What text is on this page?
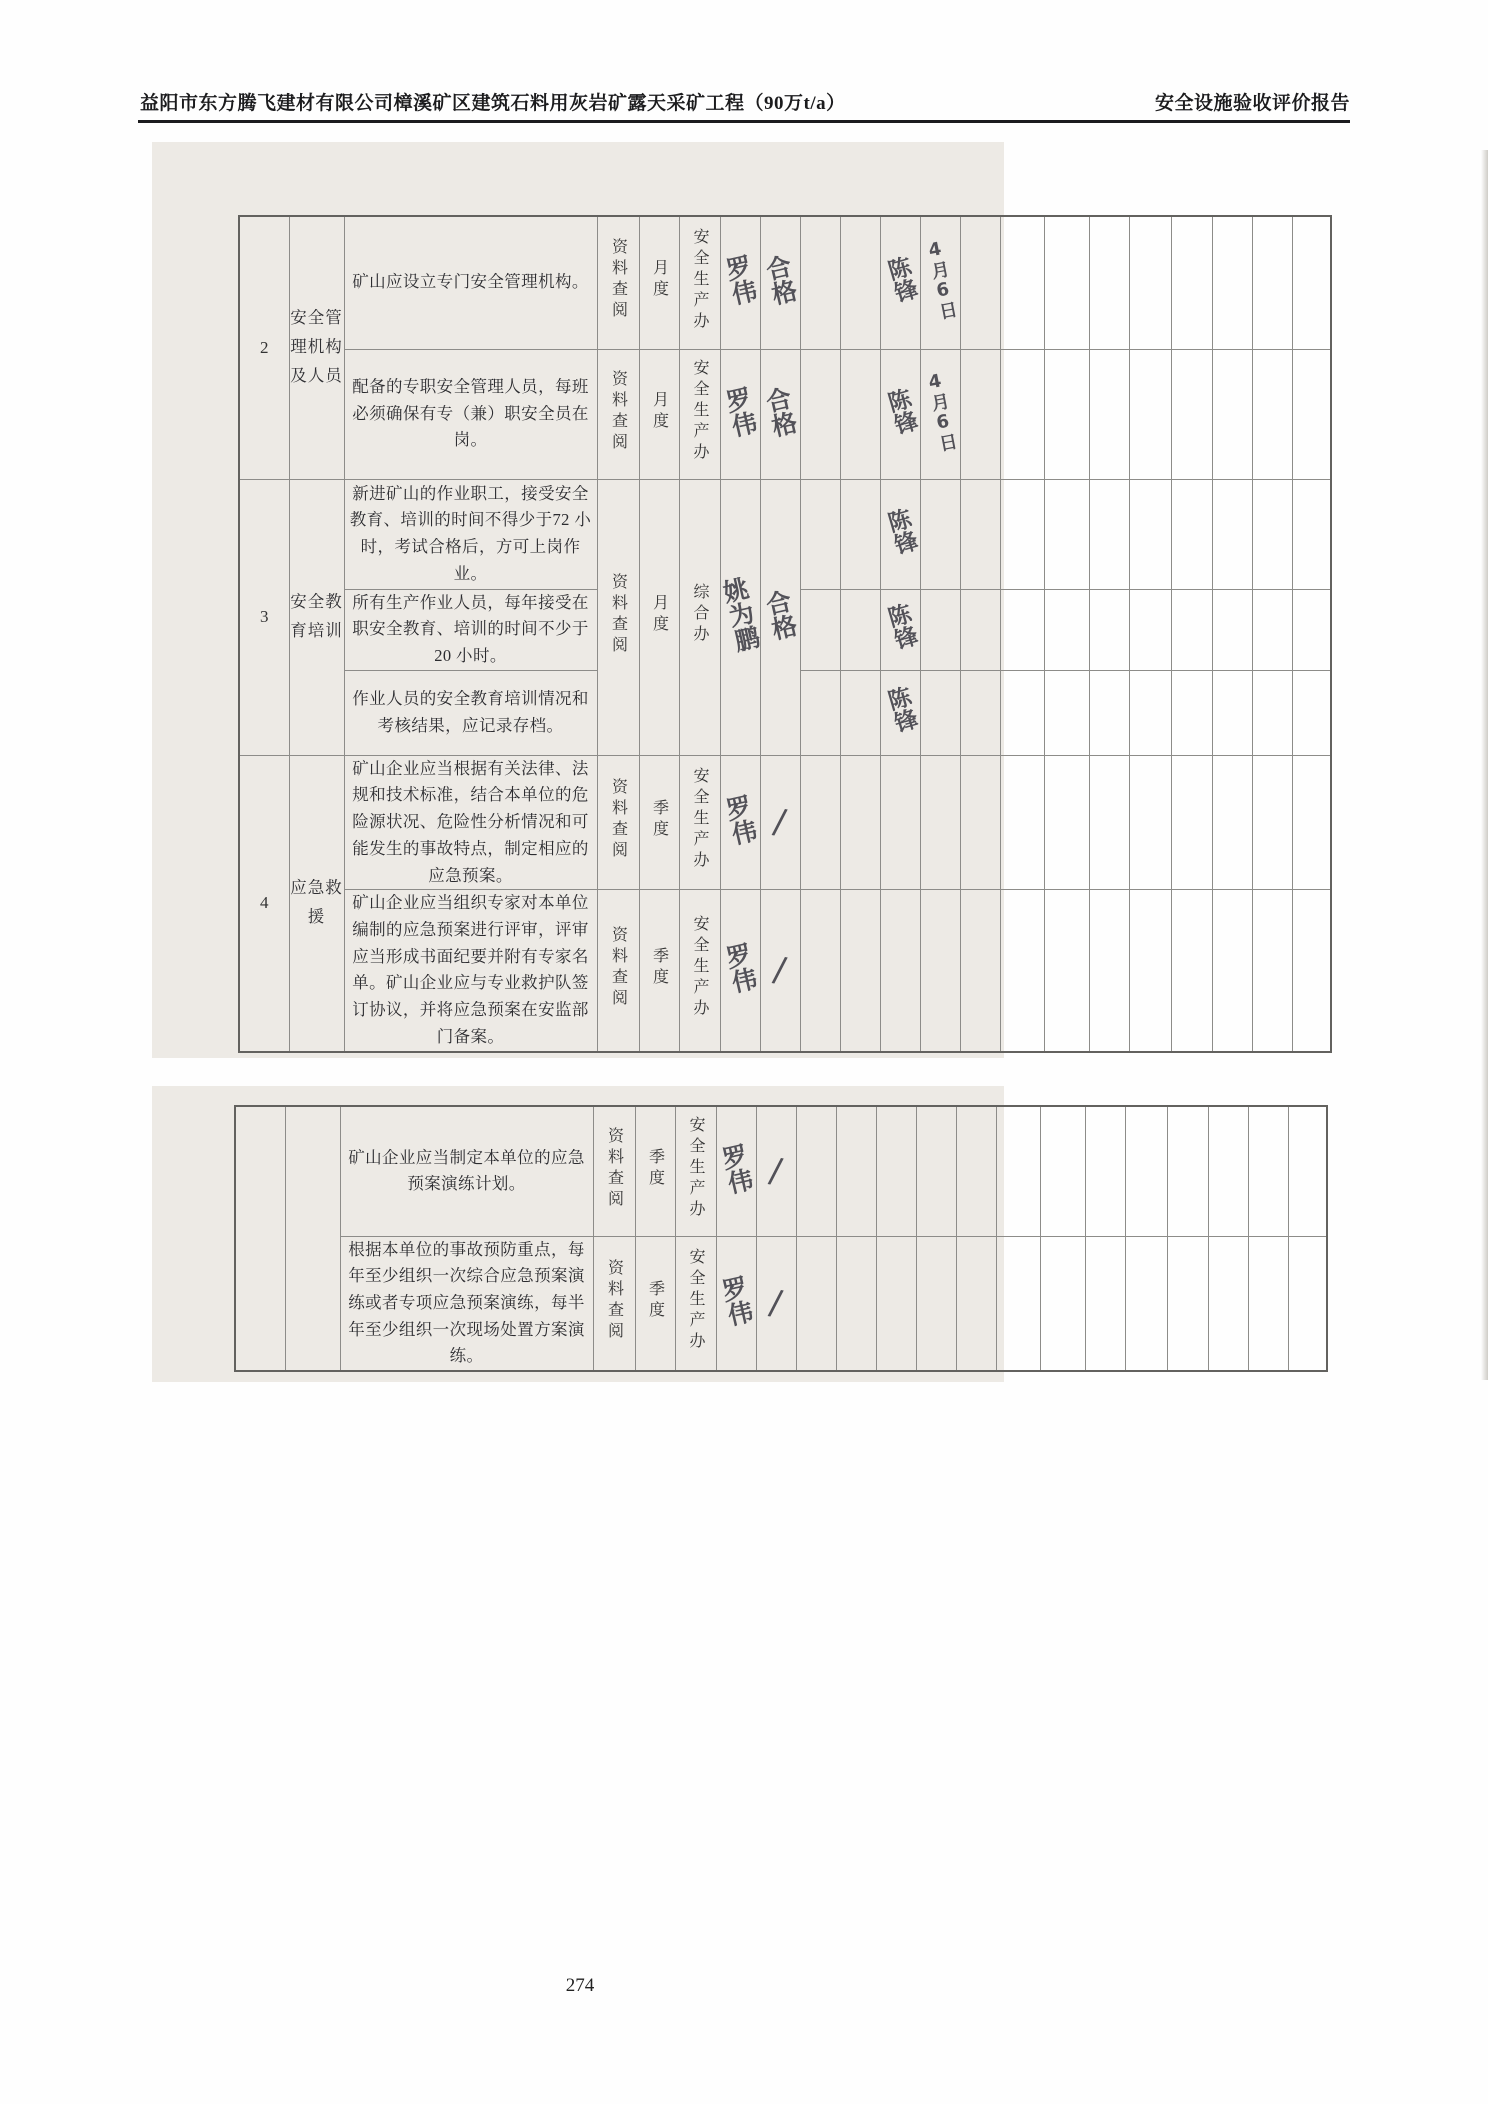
益阳市东方腾飞建材有限公司樟溪矿区建筑石料用灰岩矿露天采矿工程（90万t/a）	安全设施验收评价报告
2	安全管理机构及人员	矿山应设立专门安全管理机构。	资料查阅	月度	安全生产办	罗伟	合格			陈锋	4月6日									
		配备的专职安全管理人员，每班必须确保有专（兼）职安全员在岗。	资料查阅	月度	安全生产办	罗伟	合格			陈锋	4月6日									
3	安全教育培训	新进矿山的作业职工，接受安全教育、培训的时间不得少于72 小时，考试合格后，方可上岗作业。	资料查阅	月度	综合办	姚为鹏	合格			陈锋										
		所有生产作业人员，每年接受在职安全教育、培训的时间不少于 20 小时。								陈锋										
		作业人员的安全教育培训情况和考核结果，应记录存档。								陈锋										
4	应急救援	矿山企业应当根据有关法律、法规和技术标准，结合本单位的危险源状况、危险性分析情况和可能发生的事故特点，制定相应的应急预案。	资料查阅	季度	安全生产办	罗伟	/													
		矿山企业应当组织专家对本单位编制的应急预案进行评审，评审应当形成书面纪要并附有专家名单。矿山企业应与专业救护队签订协议，并将应急预案在安监部门备案。	资料查阅	季度	安全生产办	罗伟	/													
		矿山企业应当制定本单位的应急预案演练计划。	资料查阅	季度	安全生产办	罗伟	/													
		根据本单位的事故预防重点，每年至少组织一次综合应急预案演练或者专项应急预案演练，每半年至少组织一次现场处置方案演练。	资料查阅	季度	安全生产办	罗伟	/													
274
